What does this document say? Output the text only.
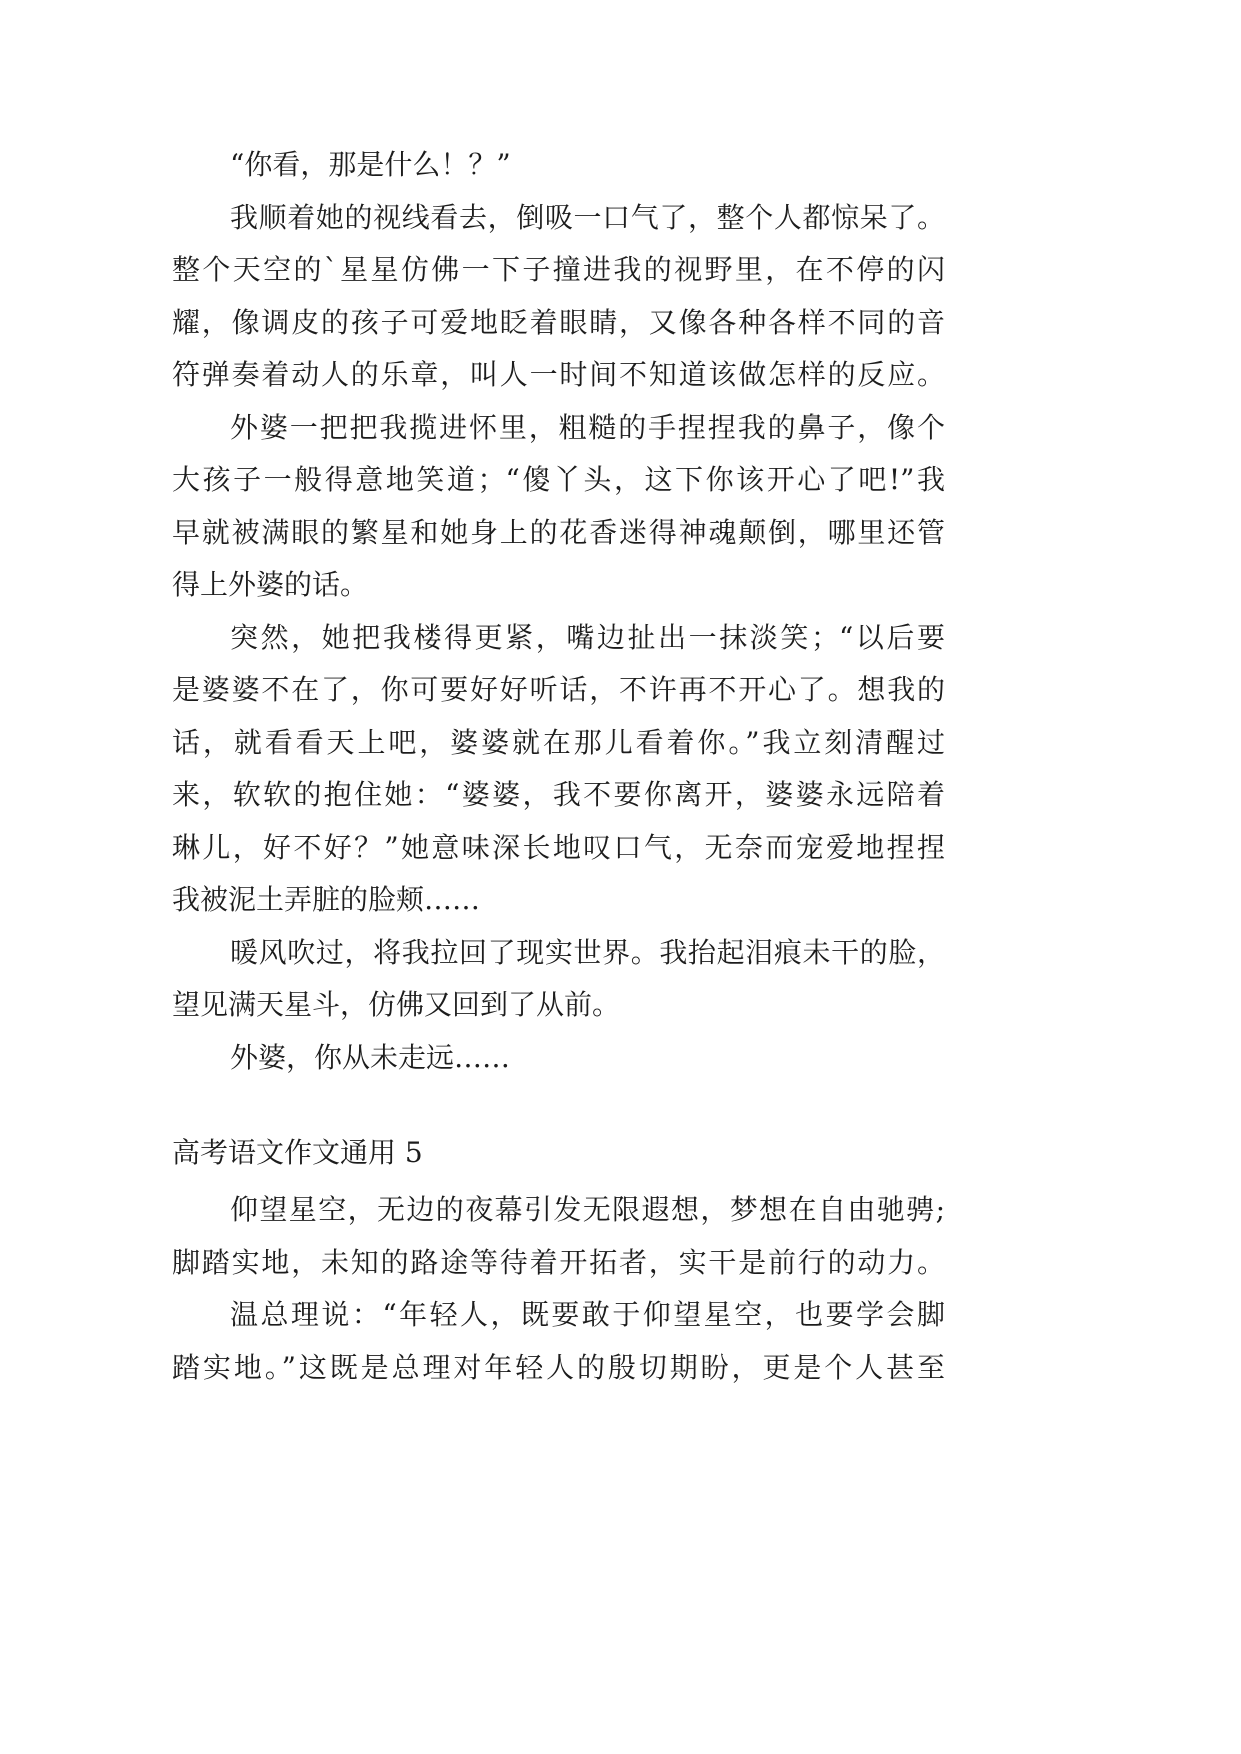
“你看，那是什么！？”
我顺着她的视线看去，倒吸一口气了，整个人都惊呆了。
整个天空的`星星仿佛一下子撞进我的视野里，在不停的闪
耀，像调皮的孩子可爱地眨着眼睛，又像各种各样不同的音
符弹奏着动人的乐章，叫人一时间不知道该做怎样的反应。
外婆一把把我揽进怀里，粗糙的手捏捏我的鼻子，像个
大孩子一般得意地笑道；“傻丫头，这下你该开心了吧!”我
早就被满眼的繁星和她身上的花香迷得神魂颠倒，哪里还管
得上外婆的话。
突然，她把我楼得更紧，嘴边扯出一抹淡笑；“以后要
是婆婆不在了，你可要好好听话，不许再不开心了。想我的
话，就看看天上吧，婆婆就在那儿看着你。”我立刻清醒过
来，软软的抱住她：“婆婆，我不要你离开，婆婆永远陪着
琳儿，好不好？”她意味深长地叹口气，无奈而宠爱地捏捏
我被泥土弄脏的脸颊……
暖风吹过，将我拉回了现实世界。我抬起泪痕未干的脸，
望见满天星斗，仿佛又回到了从前。
外婆，你从未走远……
高考语文作文通用 5
仰望星空，无边的夜幕引发无限遐想，梦想在自由驰骋;
脚踏实地，未知的路途等待着开拓者，实干是前行的动力。
温总理说：“年轻人，既要敢于仰望星空，也要学会脚
踏实地。”这既是总理对年轻人的殷切期盼，更是个人甚至
